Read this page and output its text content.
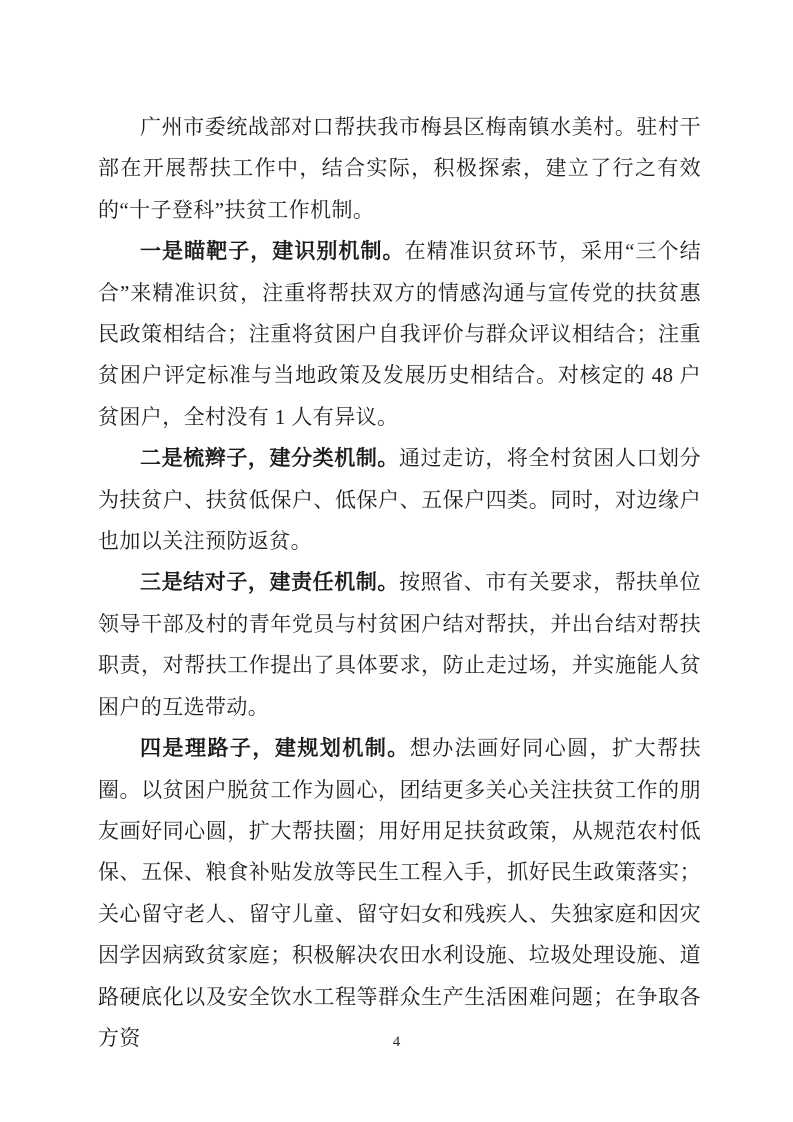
广州市委统战部对口帮扶我市梅县区梅南镇水美村。驻村干部在开展帮扶工作中，结合实际，积极探索，建立了行之有效的“十子登科”扶贫工作机制。

一是瞄靶子，建识别机制。在精准识贫环节，采用“三个结合”来精准识贫，注重将帮扶双方的情感沟通与宣传党的扶贫惠民政策相结合；注重将贫困户自我评价与群众评议相结合；注重贫困户评定标准与当地政策及发展历史相结合。对核定的 48 户贫困户，全村没有 1 人有异议。

二是梳辫子，建分类机制。通过走访，将全村贫困人口划分为扶贫户、扶贫低保户、低保户、五保户四类。同时，对边缘户也加以关注预防返贫。

三是结对子，建责任机制。按照省、市有关要求，帮扶单位领导干部及村的青年党员与村贫困户结对帮扶，并出台结对帮扶职责，对帮扶工作提出了具体要求，防止走过场，并实施能人贫困户的互选带动。

四是理路子，建规划机制。想办法画好同心圆，扩大帮扶圈。以贫困户脱贫工作为圆心，团结更多关心关注扶贫工作的朋友画好同心圆，扩大帮扶圈；用好用足扶贫政策，从规范农村低保、五保、粮食补贴发放等民生工程入手，抓好民生政策落实；关心留守老人、留守儿童、留守妇女和残疾人、失独家庭和因灾因学因病致贫家庭；积极解决农田水利设施、垃圾处理设施、道路硬底化以及安全饮水工程等群众生产生活困难问题；在争取各方资	4
